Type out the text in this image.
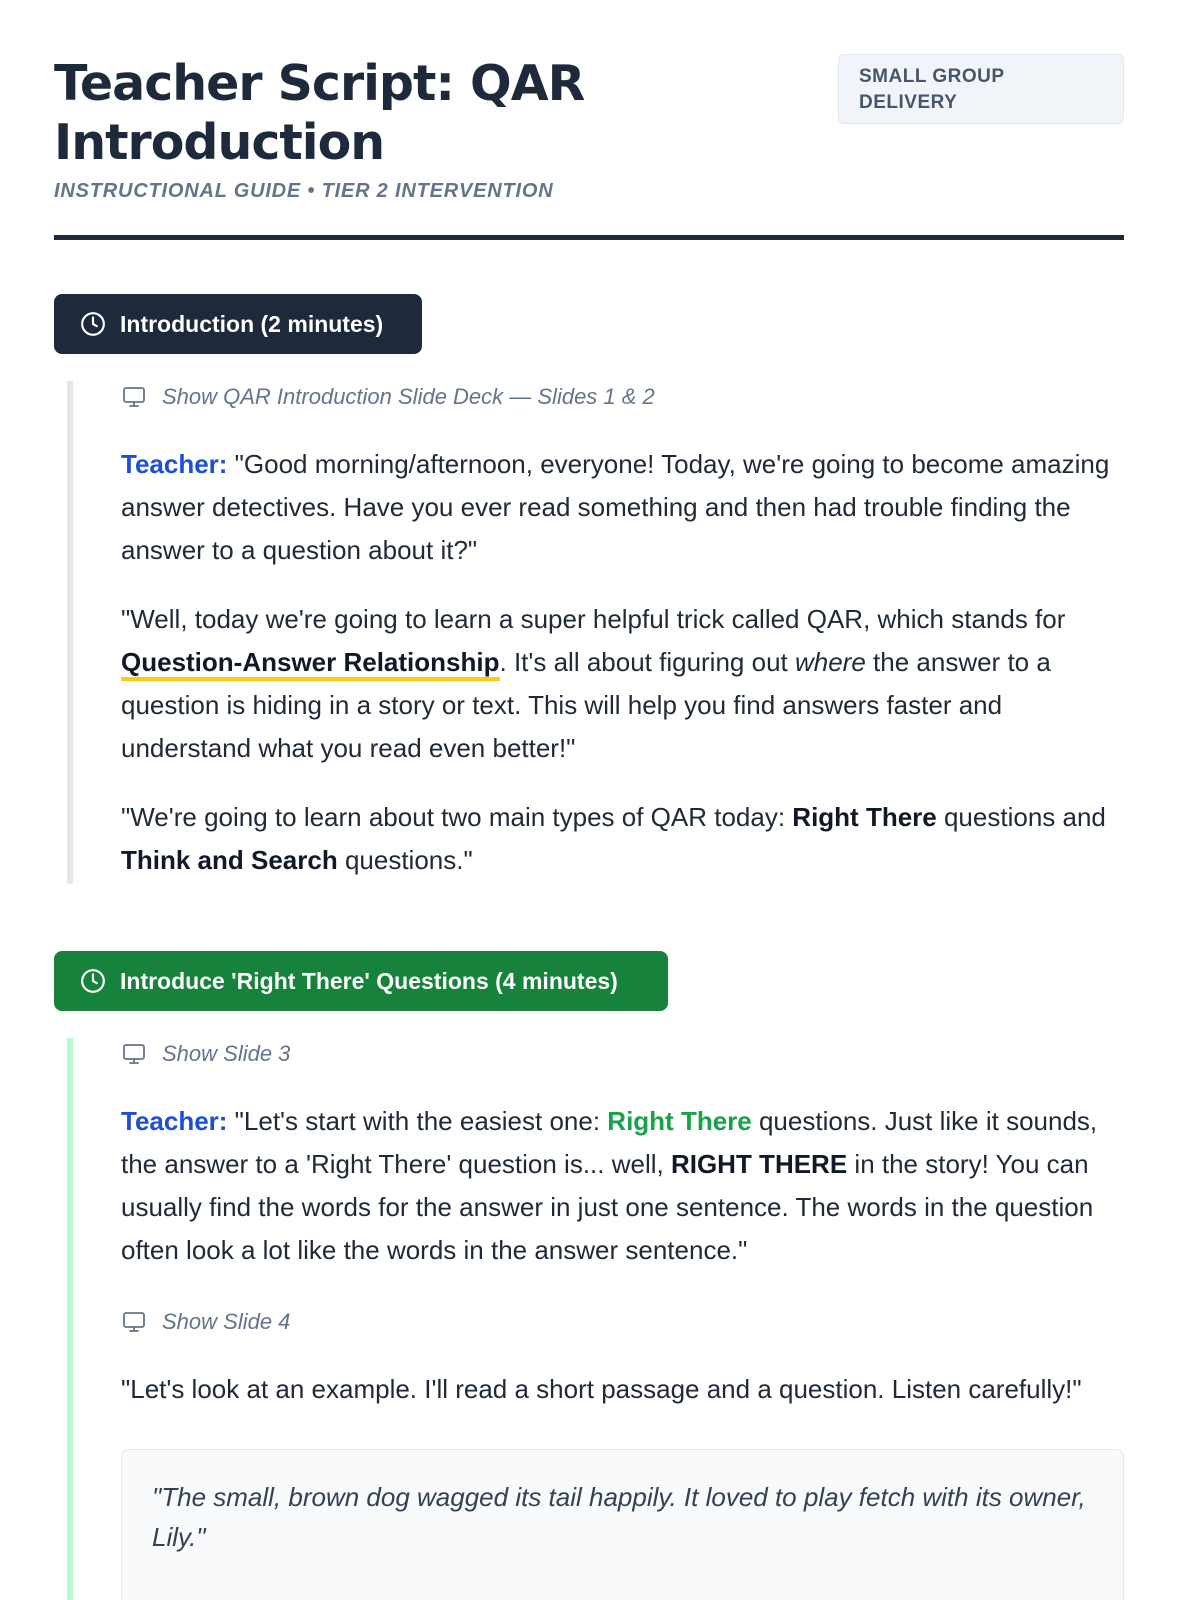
Teacher Script: QAR Introduction
INSTRUCTIONAL GUIDE • TIER 2 INTERVENTION
SMALL GROUP DELIVERY
Introduction (2 minutes)
Show QAR Introduction Slide Deck — Slides 1 & 2

Teacher: "Good morning/afternoon, everyone! Today, we're going to become amazing answer detectives. Have you ever read something and then had trouble finding the answer to a question about it?"

"Well, today we're going to learn a super helpful trick called QAR, which stands for Question-Answer Relationship. It's all about figuring out where the answer to a question is hiding in a story or text. This will help you find answers faster and understand what you read even better!"

"We're going to learn about two main types of QAR today: Right There questions and Think and Search questions."

Introduce 'Right There' Questions (4 minutes)
Show Slide 3

Teacher: "Let's start with the easiest one: Right There questions. Just like it sounds, the answer to a 'Right There' question is... well, RIGHT THERE in the story! You can usually find the words for the answer in just one sentence. The words in the question often look a lot like the words in the answer sentence."

Show Slide 4

"Let's look at an example. I'll read a short passage and a question. Listen carefully!"

"The small, brown dog wagged its tail happily. It loved to play fetch with its owner, Lily."
